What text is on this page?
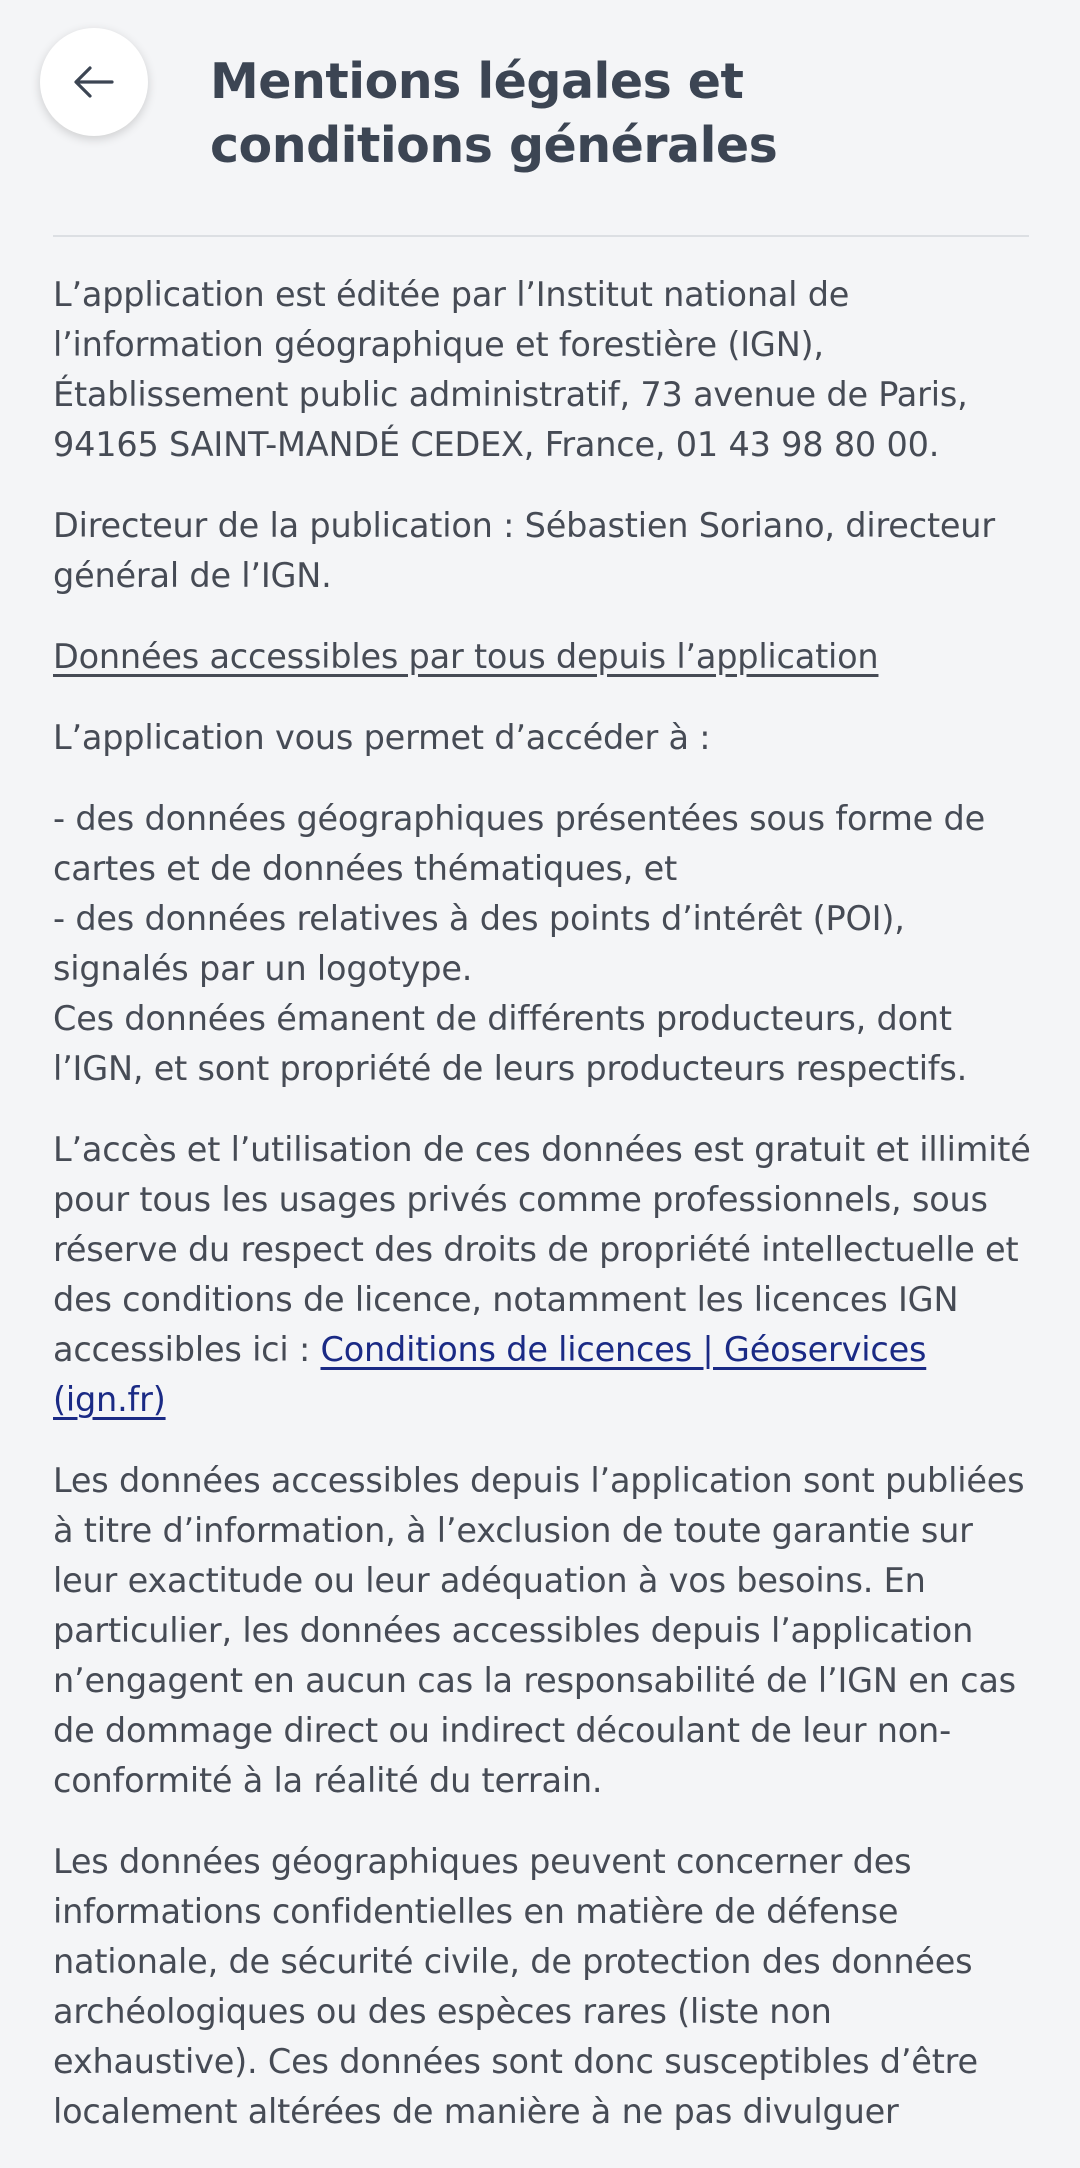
Mentions légales et conditions générales

L’application est éditée par l’Institut national de l’information géographique et forestière (IGN), Établissement public administratif, 73 avenue de Paris, 94165 SAINT-MANDÉ CEDEX, France, 01 43 98 80 00.

Directeur de la publication : Sébastien Soriano, directeur général de l’IGN.

Données accessibles par tous depuis l’application

L’application vous permet d’accéder à :

- des données géographiques présentées sous forme de cartes et de données thématiques, et
- des données relatives à des points d’intérêt (POI), signalés par un logotype.
Ces données émanent de différents producteurs, dont l’IGN, et sont propriété de leurs producteurs respectifs.

L’accès et l’utilisation de ces données est gratuit et illimité pour tous les usages privés comme professionnels, sous réserve du respect des droits de propriété intellectuelle et des conditions de licence, notamment les licences IGN accessibles ici : Conditions de licences | Géoservices (ign.fr)

Les données accessibles depuis l’application sont publiées à titre d’information, à l’exclusion de toute garantie sur leur exactitude ou leur adéquation à vos besoins. En particulier, les données accessibles depuis l’application n’engagent en aucun cas la responsabilité de l’IGN en cas de dommage direct ou indirect découlant de leur non-conformité à la réalité du terrain.

Les données géographiques peuvent concerner des informations confidentielles en matière de défense nationale, de sécurité civile, de protection des données archéologiques ou des espèces rares (liste non exhaustive). Ces données sont donc susceptibles d’être localement altérées de manière à ne pas divulguer
